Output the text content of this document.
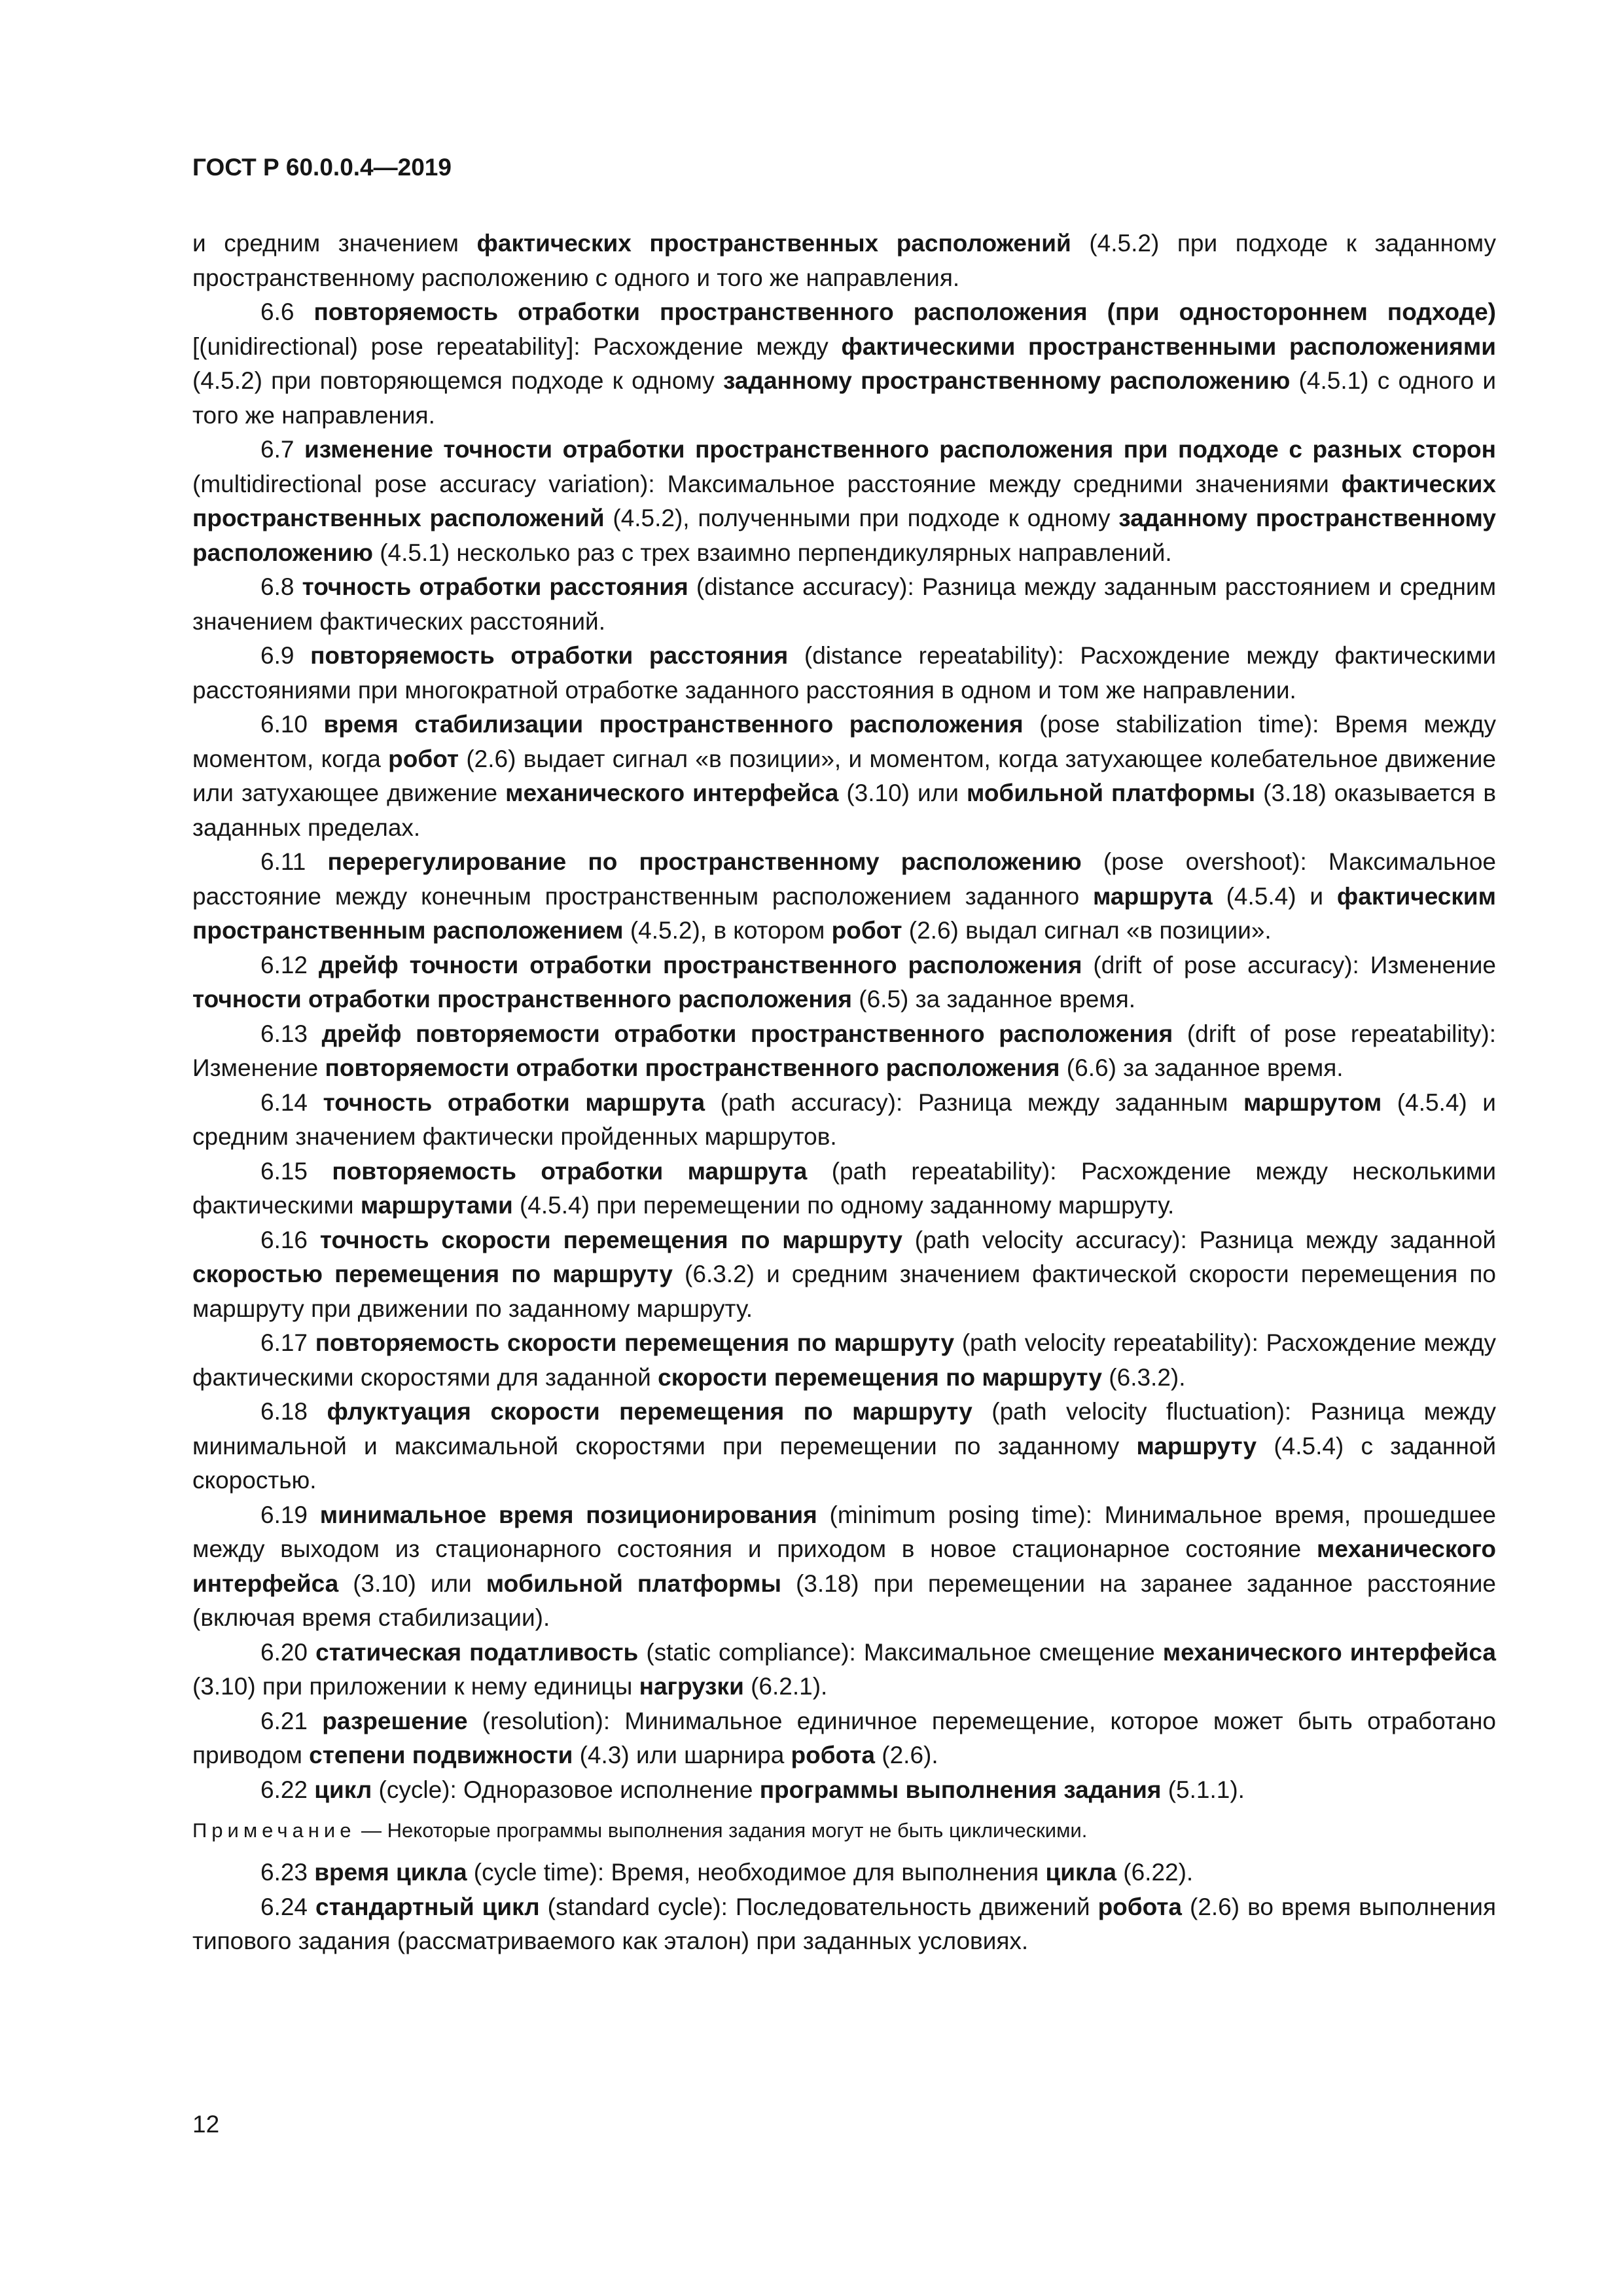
ГОСТ Р 60.0.0.4—2019

и средним значением фактических пространственных расположений (4.5.2) при подходе к заданному пространственному расположению с одного и того же направления.

6.6 повторяемость отработки пространственного расположения (при одностороннем подходе) [(unidirectional) pose repeatability]: Расхождение между фактическими пространственными расположениями (4.5.2) при повторяющемся подходе к одному заданному пространственному расположению (4.5.1) с одного и того же направления.

6.7 изменение точности отработки пространственного расположения при подходе с разных сторон (multidirectional pose accuracy variation): Максимальное расстояние между средними значениями фактических пространственных расположений (4.5.2), полученными при подходе к одному заданному пространственному расположению (4.5.1) несколько раз с трех взаимно перпендикулярных направлений.

6.8 точность отработки расстояния (distance accuracy): Разница между заданным расстоянием и средним значением фактических расстояний.

6.9 повторяемость отработки расстояния (distance repeatability): Расхождение между фактическими расстояниями при многократной отработке заданного расстояния в одном и том же направлении.

6.10 время стабилизации пространственного расположения (pose stabilization time): Время между моментом, когда робот (2.6) выдает сигнал «в позиции», и моментом, когда затухающее колебательное движение или затухающее движение механического интерфейса (3.10) или мобильной платформы (3.18) оказывается в заданных пределах.

6.11 перерегулирование по пространственному расположению (pose overshoot): Максимальное расстояние между конечным пространственным расположением заданного маршрута (4.5.4) и фактическим пространственным расположением (4.5.2), в котором робот (2.6) выдал сигнал «в позиции».

6.12 дрейф точности отработки пространственного расположения (drift of pose accuracy): Изменение точности отработки пространственного расположения (6.5) за заданное время.

6.13 дрейф повторяемости отработки пространственного расположения (drift of pose repeatability): Изменение повторяемости отработки пространственного расположения (6.6) за заданное время.

6.14 точность отработки маршрута (path accuracy): Разница между заданным маршрутом (4.5.4) и средним значением фактически пройденных маршрутов.

6.15 повторяемость отработки маршрута (path repeatability): Расхождение между несколькими фактическими маршрутами (4.5.4) при перемещении по одному заданному маршруту.

6.16 точность скорости перемещения по маршруту (path velocity accuracy): Разница между заданной скоростью перемещения по маршруту (6.3.2) и средним значением фактической скорости перемещения по маршруту при движении по заданному маршруту.

6.17 повторяемость скорости перемещения по маршруту (path velocity repeatability): Расхождение между фактическими скоростями для заданной скорости перемещения по маршруту (6.3.2).

6.18 флуктуация скорости перемещения по маршруту (path velocity fluctuation): Разница между минимальной и максимальной скоростями при перемещении по заданному маршруту (4.5.4) с заданной скоростью.

6.19 минимальное время позиционирования (minimum posing time): Минимальное время, прошедшее между выходом из стационарного состояния и приходом в новое стационарное состояние механического интерфейса (3.10) или мобильной платформы (3.18) при перемещении на заранее заданное расстояние (включая время стабилизации).

6.20 статическая податливость (static compliance): Максимальное смещение механического интерфейса (3.10) при приложении к нему единицы нагрузки (6.2.1).

6.21 разрешение (resolution): Минимальное единичное перемещение, которое может быть отработано приводом степени подвижности (4.3) или шарнира робота (2.6).

6.22 цикл (cycle): Одноразовое исполнение программы выполнения задания (5.1.1).

Примечание — Некоторые программы выполнения задания могут не быть циклическими.

6.23 время цикла (cycle time): Время, необходимое для выполнения цикла (6.22).

6.24 стандартный цикл (standard cycle): Последовательность движений робота (2.6) во время выполнения типового задания (рассматриваемого как эталон) при заданных условиях.

12
